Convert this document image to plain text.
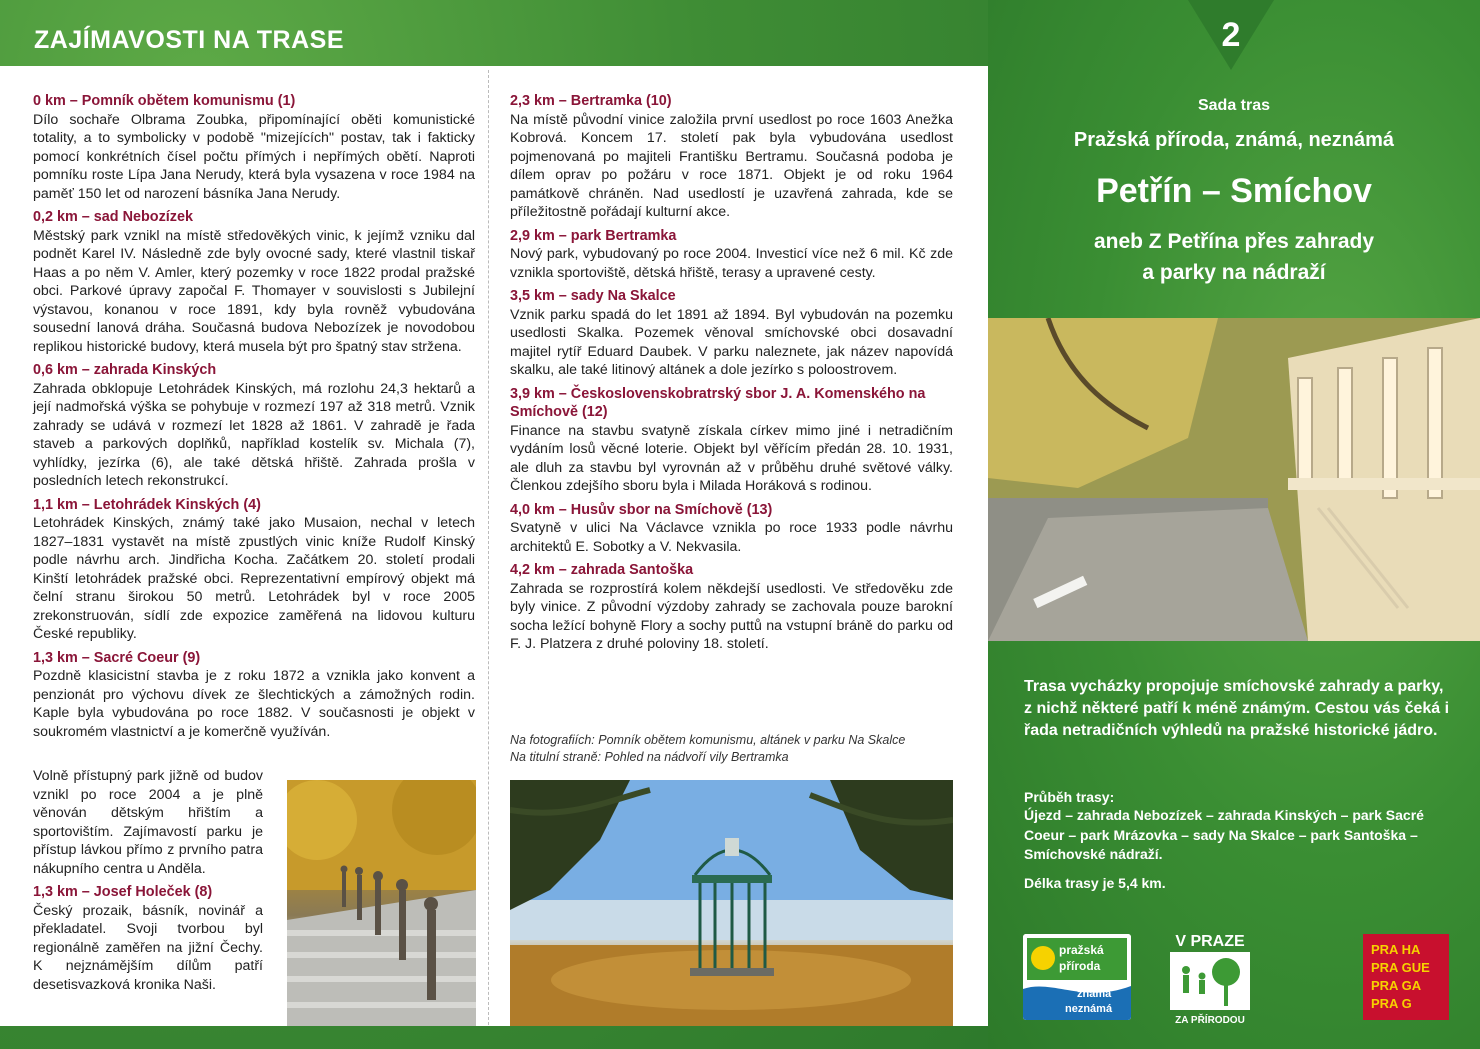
ZAJÍMAVOSTI NA TRASE
0 km – Pomník obětem komunismu (1)

Dílo sochaře Olbrama Zoubka, připomínající oběti komunistické totality, a to symbolicky v podobě "mizejících" postav, tak i fakticky pomocí konkrétních čísel počtu přímých i nepřímých obětí. Naproti pomníku roste Lípa Jana Nerudy, která byla vysazena v roce 1984 na paměť 150 let od narození básníka Jana Nerudy.

0,2 km – sad Nebozízek

Městský park vznikl na místě středověkých vinic, k jejímž vzniku dal podnět Karel IV. Následně zde byly ovocné sady, které vlastnil tiskař Haas a po něm V. Amler, který pozemky v roce 1822 prodal pražské obci. Parkové úpravy započal F. Thomayer v souvislosti s Jubilejní výstavou, konanou v roce 1891, kdy byla rovněž vybudována sousední lanová dráha. Současná budova Nebozízek je novodobou replikou historické budovy, která musela být pro špatný stav stržena.

0,6 km – zahrada Kinských

Zahrada obklopuje Letohrádek Kinských, má rozlohu 24,3 hektarů a její nadmořská výška se pohybuje v rozmezí 197 až 318 metrů. Vznik zahrady se udává v rozmezí let 1828 až 1861. V zahradě je řada staveb a parkových doplňků, například kostelík sv. Michala (7), vyhlídky, jezírka (6), ale také dětská hřiště. Zahrada prošla v posledních letech rekonstrukcí.

1,1 km – Letohrádek Kinských (4)

Letohrádek Kinských, známý také jako Musaion, nechal v letech 1827–1831 vystavět na místě zpustlých vinic kníže Rudolf Kinský podle návrhu arch. Jindřicha Kocha. Začátkem 20. století prodali Kinští letohrádek pražské obci. Reprezentativní empírový objekt má čelní stranu širokou 50 metrů. Letohrádek byl v roce 2005 zrekonstruován, sídlí zde expozice zaměřená na lidovou kulturu České republiky.

1,3 km – Sacré Coeur (9)

Pozdně klasicistní stavba je z roku 1872 a vznikla jako konvent a penzionát pro výchovu dívek ze šlechtických a zámožných rodin. Kaple byla vybudována po roce 1882. V současnosti je objekt v soukromém vlastnictví a je komerčně využíván.

Volně přístupný park jižně od budov vznikl po roce 2004 a je plně věnován dětským hřištím a sportovištím. Zajímavostí parku je přístup lávkou přímo z prvního patra nákupního centra u Anděla.

1,3 km – Josef Holeček (8)

Český prozaik, básník, novinář a překladatel. Svoji tvorbou byl regionálně zaměřen na jižní Čechy. K nejznámějším dílům patří desetisvazková kronika Naši.

2,3 km – Bertramka (10)

Na místě původní vinice založila první usedlost po roce 1603 Anežka Kobrová. Koncem 17. století pak byla vybudována usedlost pojmenovaná po majiteli Františku Bertramu. Současná podoba je dílem oprav po požáru v roce 1871. Objekt je od roku 1964 památkově chráněn. Nad usedlostí je uzavřená zahrada, kde se příležitostně pořádají kulturní akce.

2,9 km – park Bertramka

Nový park, vybudovaný po roce 2004. Investicí více než 6 mil. Kč zde vznikla sportoviště, dětská hřiště, terasy a upravené cesty.

3,5 km – sady Na Skalce

Vznik parku spadá do let 1891 až 1894. Byl vybudován na pozemku usedlosti Skalka. Pozemek věnoval smíchovské obci dosavadní majitel rytíř Eduard Daubek. V parku naleznete, jak název napovídá skalku, ale také litinový altánek a dole jezírko s poloostrovem.

3,9 km – Československobratrský sbor J. A. Komenského na Smíchově (12)

Finance na stavbu svatyně získala církev mimo jiné i netradičním vydáním losů věcné loterie. Objekt byl věřícím předán 28. 10. 1931, ale dluh za stavbu byl vyrovnán až v průběhu druhé světové války. Členkou zdejšího sboru byla i Milada Horáková s rodinou.

4,0 km – Husův sbor na Smíchově (13)

Svatyně v ulici Na Václavce vznikla po roce 1933 podle návrhu architektů E. Sobotky a V. Nekvasila.

4,2 km – zahrada Santoška

Zahrada se rozprostírá kolem někdejší usedlosti. Ve středověku zde byly vinice. Z původní výzdoby zahrady se zachovala pouze barokní socha ležící bohyně Flory a sochy puttů na vstupní bráně do parku od F. J. Platzera z druhé poloviny 18. století.

Na fotografiích: Pomník obětem komunismu, altánek v parku Na Skalce
Na titulní straně: Pohled na nádvoří vily Bertramka
2
Sada tras
Pražská příroda, známá, neznámá
Petřín – Smíchov
aneb Z Petřína přes zahrady
a parky na nádraží
Trasa vycházky propojuje smíchovské zahrady a parky, z nichž některé patří k méně známým. Cestou vás čeká i řada netradičních výhledů na pražské historické jádro.
Průběh trasy:
Újezd – zahrada Nebozízek – zahrada Kinských – park Sacré Coeur – park Mrázovka – sady Na Skalce – park Santoška – Smíchovské nádraží.
Délka trasy je 5,4 km.
pražská
příroda
známá
neznámá
V PRAZE
ZA PŘÍRODOU
PRA HA
PRA GUE
PRA GA
PRA G
